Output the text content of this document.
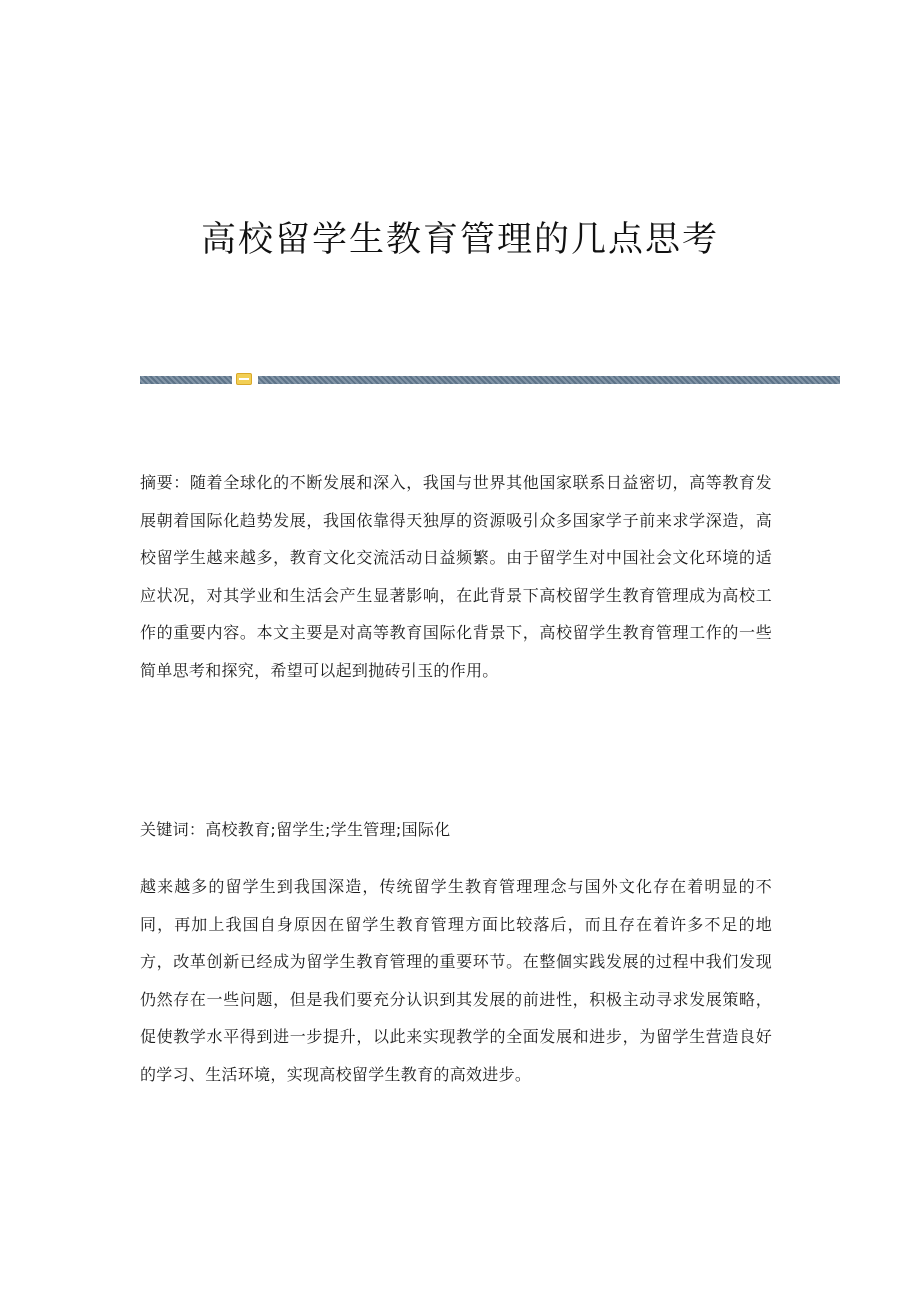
高校留学生教育管理的几点思考

摘要：随着全球化的不断发展和深入，我国与世界其他国家联系日益密切，高等教育发展朝着国际化趋势发展，我国依靠得天独厚的资源吸引众多国家学子前来求学深造，高校留学生越来越多，教育文化交流活动日益频繁。由于留学生对中国社会文化环境的适应状况，对其学业和生活会产生显著影响，在此背景下高校留学生教育管理成为高校工作的重要内容。本文主要是对高等教育国际化背景下，高校留学生教育管理工作的一些简单思考和探究，希望可以起到抛砖引玉的作用。

关键词：高校教育;留学生;学生管理;国际化

越来越多的留学生到我国深造，传统留学生教育管理理念与国外文化存在着明显的不同，再加上我国自身原因在留学生教育管理方面比较落后，而且存在着许多不足的地方，改革创新已经成为留学生教育管理的重要环节。在整個实践发展的过程中我们发现仍然存在一些问题，但是我们要充分认识到其发展的前进性，积极主动寻求发展策略，促使教学水平得到进一步提升，以此来实现教学的全面发展和进步，为留学生营造良好的学习、生活环境，实现高校留学生教育的高效进步。
